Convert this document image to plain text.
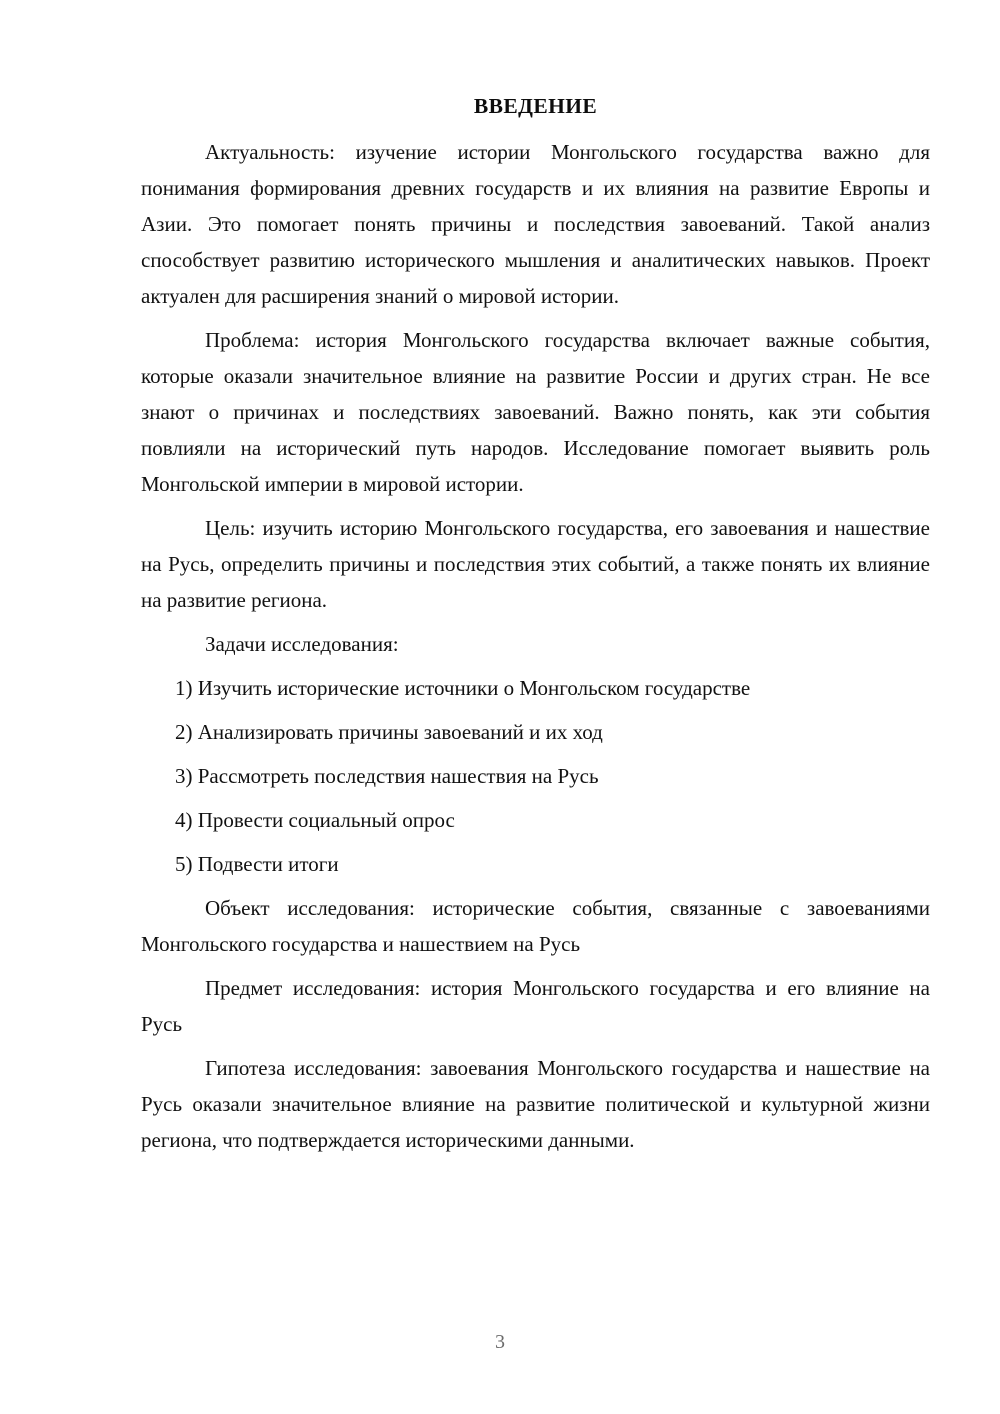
ВВЕДЕНИЕ

Актуальность: изучение истории Монгольского государства важно для понимания формирования древних государств и их влияния на развитие Европы и Азии. Это помогает понять причины и последствия завоеваний. Такой анализ способствует развитию исторического мышления и аналитических навыков. Проект актуален для расширения знаний о мировой истории.

Проблема: история Монгольского государства включает важные события, которые оказали значительное влияние на развитие России и других стран. Не все знают о причинах и последствиях завоеваний. Важно понять, как эти события повлияли на исторический путь народов. Исследование помогает выявить роль Монгольской империи в мировой истории.

Цель: изучить историю Монгольского государства, его завоевания и нашествие на Русь, определить причины и последствия этих событий, а также понять их влияние на развитие региона.

Задачи исследования:

1) Изучить исторические источники о Монгольском государстве
2) Анализировать причины завоеваний и их ход
3) Рассмотреть последствия нашествия на Русь
4) Провести социальный опрос
5) Подвести итоги

Объект исследования: исторические события, связанные с завоеваниями Монгольского государства и нашествием на Русь

Предмет исследования: история Монгольского государства и его влияние на Русь

Гипотеза исследования: завоевания Монгольского государства и нашествие на Русь оказали значительное влияние на развитие политической и культурной жизни региона, что подтверждается историческими данными.

3
